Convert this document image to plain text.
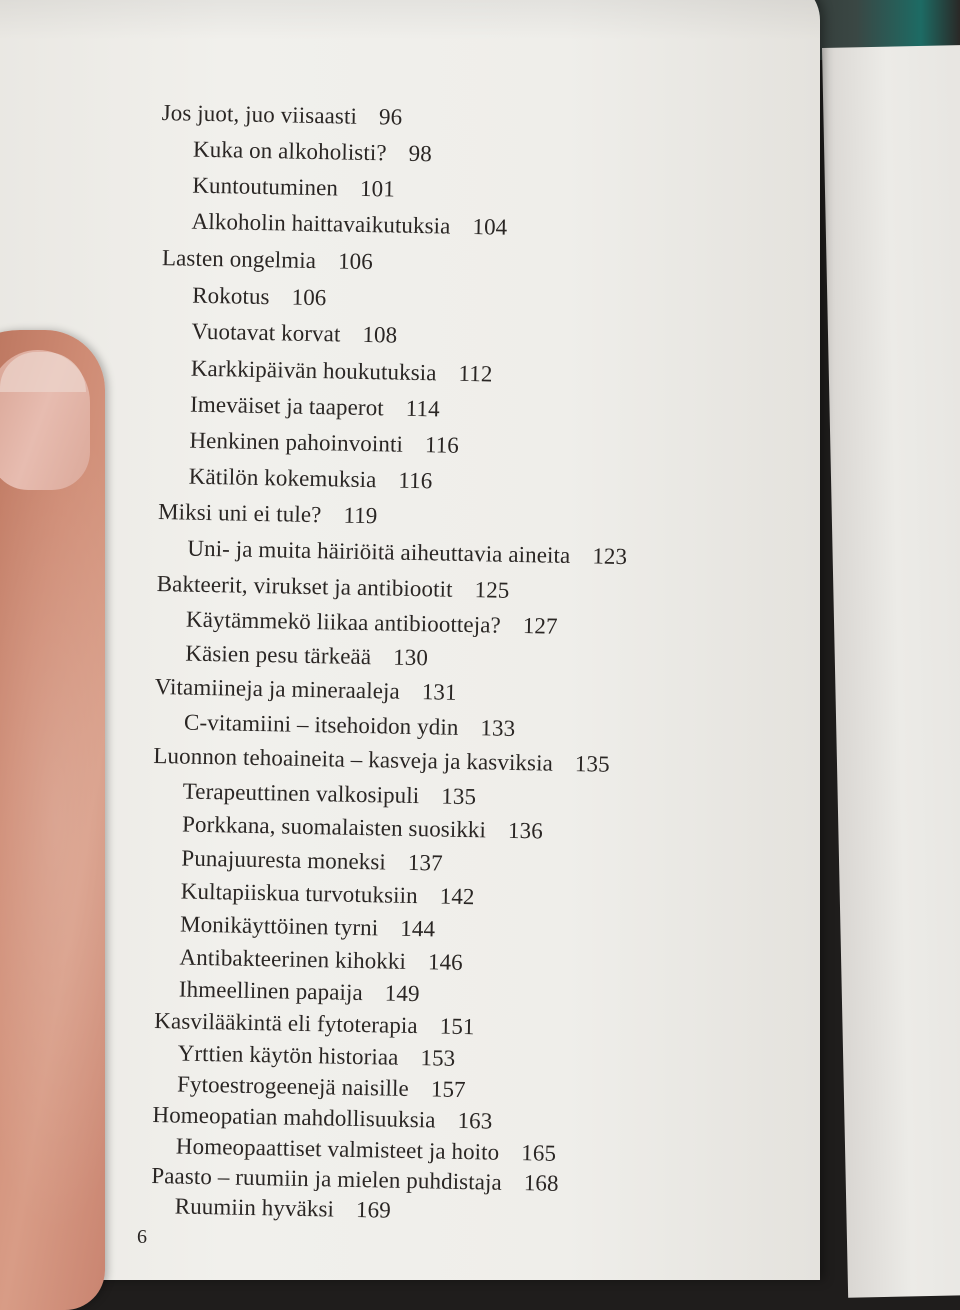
Jos juot, juo viisaasti 96
Kuka on alkoholisti? 98
Kuntoutuminen 101
Alkoholin haittavaikutuksia 104
Lasten ongelmia 106
Rokotus 106
Vuotavat korvat 108
Karkkipäivän houkutuksia 112
Imeväiset ja taaperot 114
Henkinen pahoinvointi 116
Kätilön kokemuksia 116
Miksi uni ei tule? 119
Uni- ja muita häiriöitä aiheuttavia aineita 123
Bakteerit, virukset ja antibiootit 125
Käytämmekö liikaa antibiootteja? 127
Käsien pesu tärkeää 130
Vitamiineja ja mineraaleja 131
C-vitamiini – itsehoidon ydin 133
Luonnon tehoaineita – kasveja ja kasviksia 135
Terapeuttinen valkosipuli 135
Porkkana, suomalaisten suosikki 136
Punajuuresta moneksi 137
Kultapiiskua turvotuksiin 142
Monikäyttöinen tyrni 144
Antibakteerinen kihokki 146
Ihmeellinen papaija 149
Kasvilääkintä eli fytoterapia 151
Yrttien käytön historiaa 153
Fytoestrogeenejä naisille 157
Homeopatian mahdollisuuksia 163
Homeopaattiset valmisteet ja hoito 165
Paasto – ruumiin ja mielen puhdistaja 168
Ruumiin hyväksi 169
6
